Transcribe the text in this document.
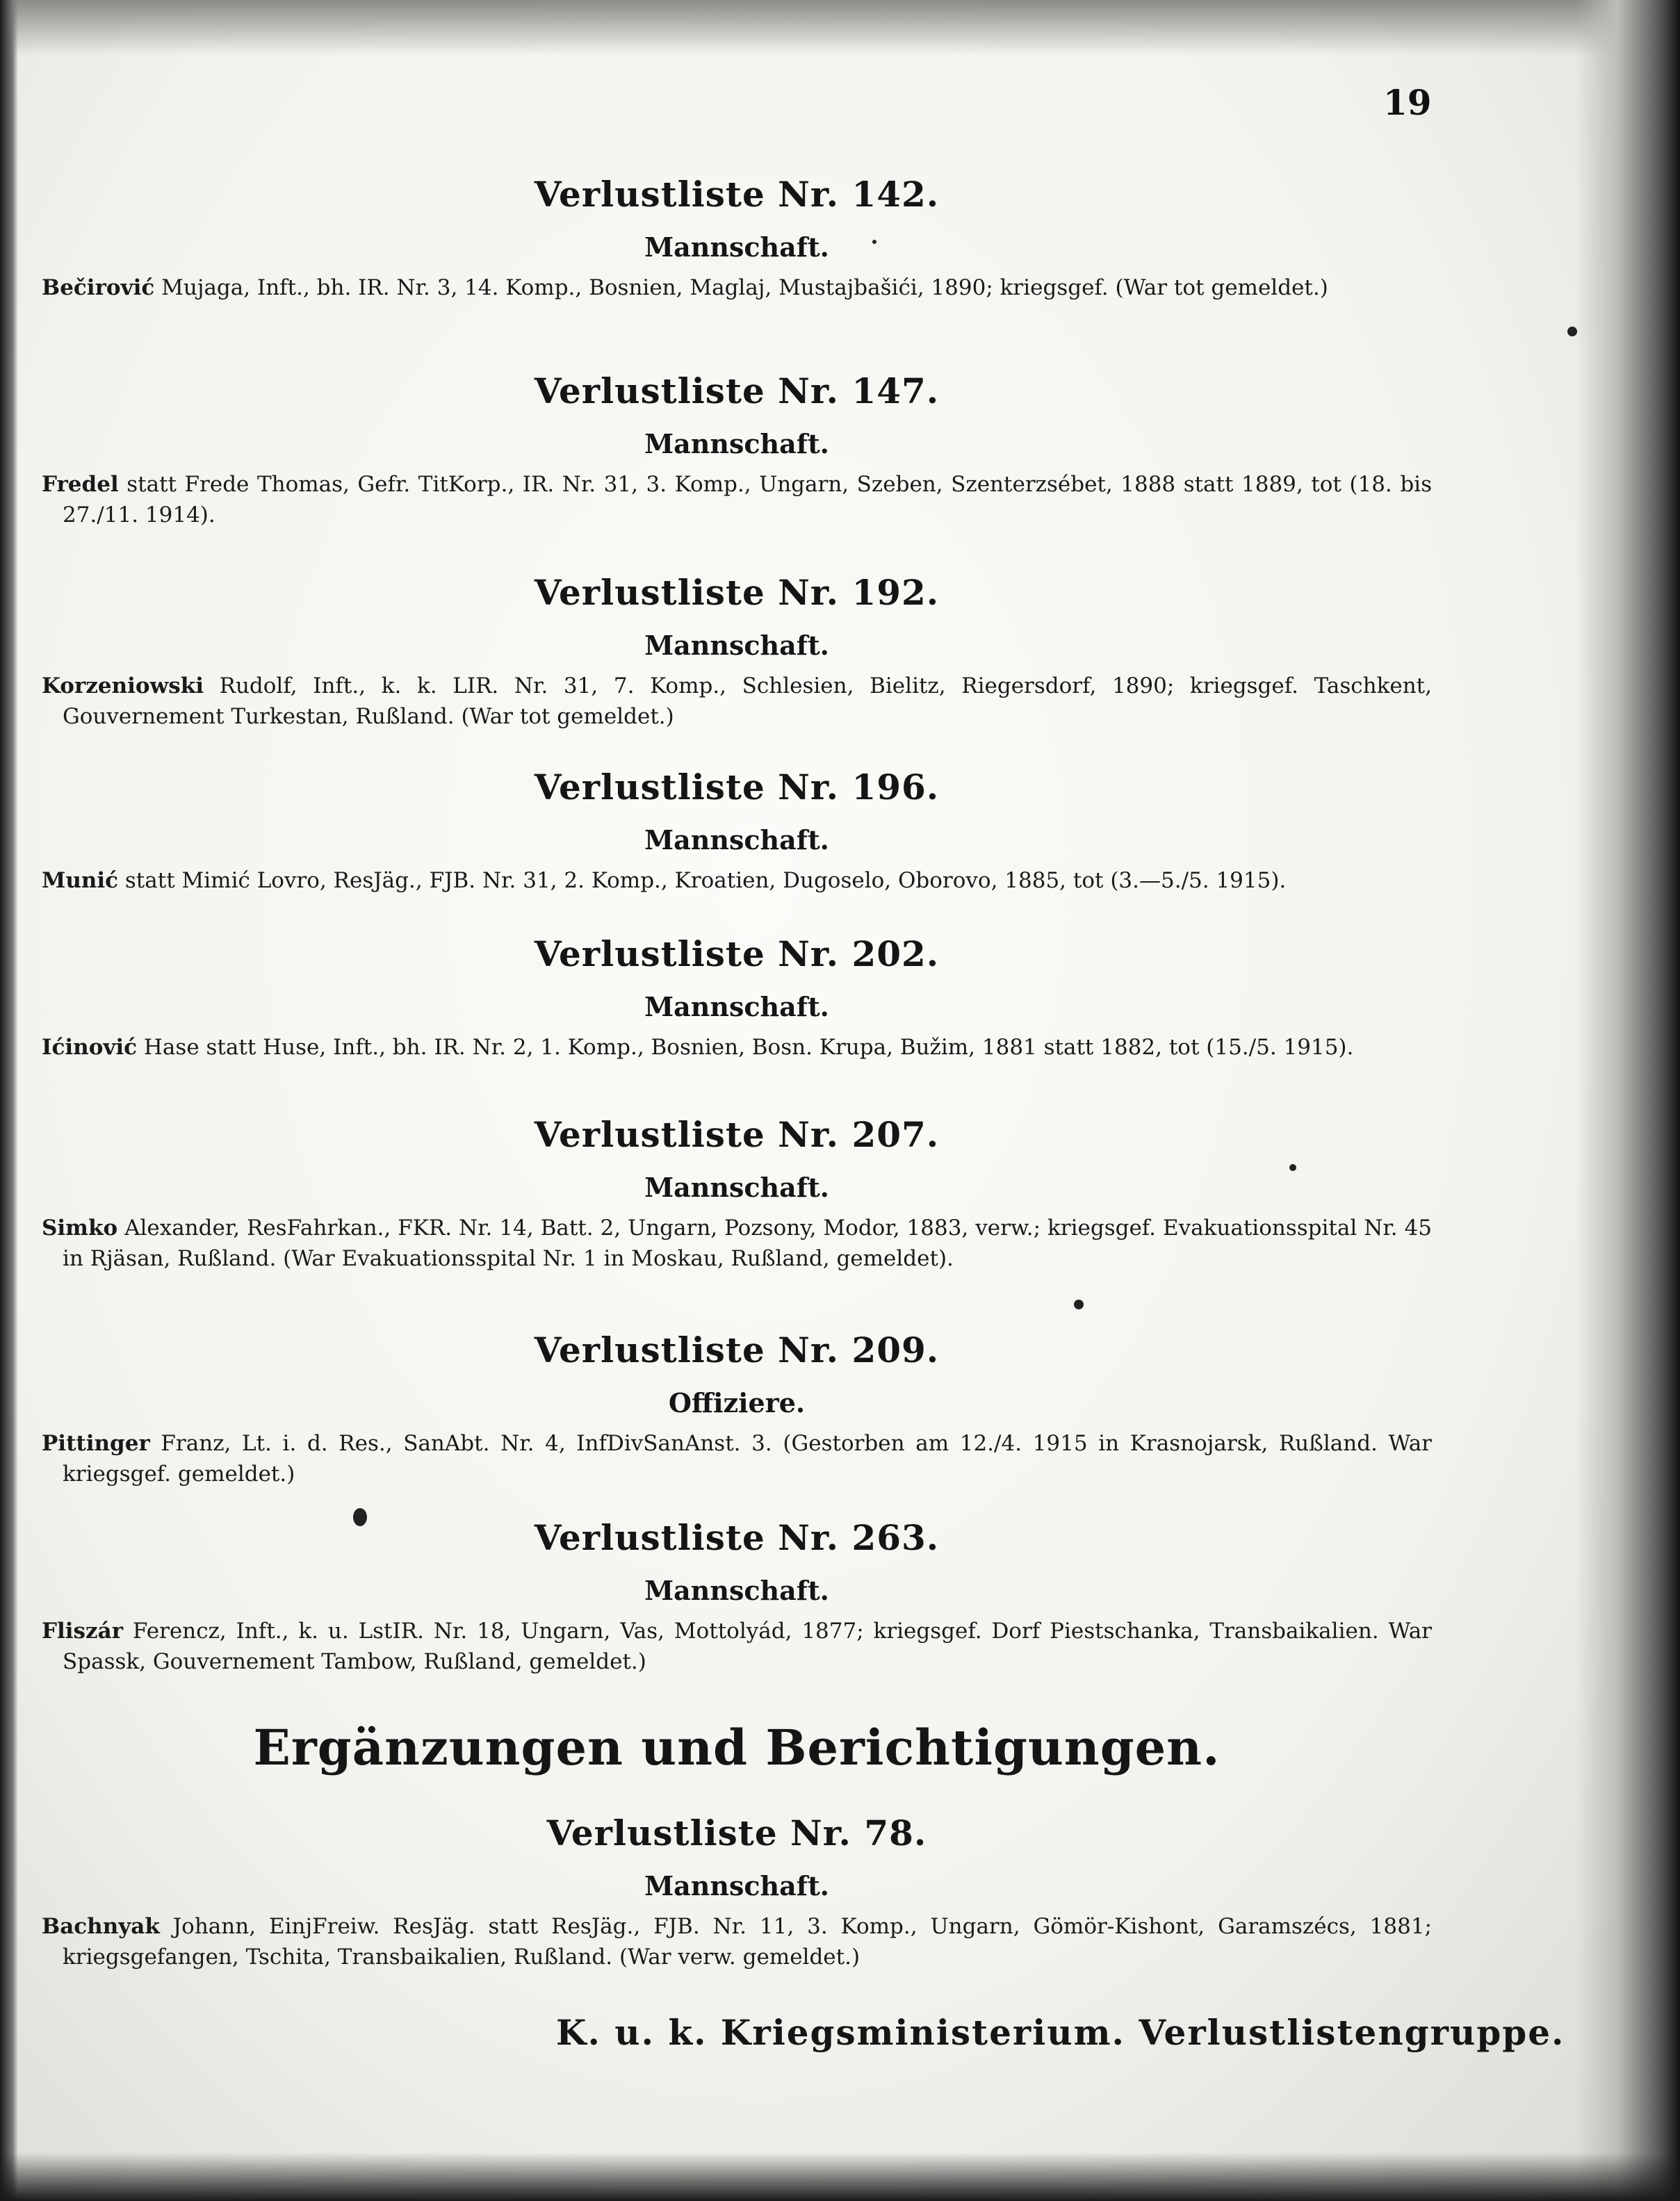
19
Verlustliste Nr. 142.
Mannschaft.

Bečirović Mujaga, Inft., bh. IR. Nr. 3, 14. Komp., Bosnien, Maglaj, Mustajbašići, 1890; kriegsgef. (War tot gemeldet.)

Verlustliste Nr. 147.
Mannschaft.

Fredel statt Frede Thomas, Gefr. TitKorp., IR. Nr. 31, 3. Komp., Ungarn, Szeben, Szenterzsébet, 1888 statt 1889, tot (18. bis 27./11. 1914).

Verlustliste Nr. 192.
Mannschaft.

Korzeniowski Rudolf, Inft., k. k. LIR. Nr. 31, 7. Komp., Schlesien, Bielitz, Riegersdorf, 1890; kriegsgef. Taschkent, Gouvernement Turkestan, Rußland. (War tot gemeldet.)

Verlustliste Nr. 196.
Mannschaft.

Munić statt Mimić Lovro, ResJäg., FJB. Nr. 31, 2. Komp., Kroatien, Dugoselo, Oborovo, 1885, tot (3.—5./5. 1915).

Verlustliste Nr. 202.
Mannschaft.

Ićinović Hase statt Huse, Inft., bh. IR. Nr. 2, 1. Komp., Bosnien, Bosn. Krupa, Bužim, 1881 statt 1882, tot (15./5. 1915).

Verlustliste Nr. 207.
Mannschaft.

Simko Alexander, ResFahrkan., FKR. Nr. 14, Batt. 2, Ungarn, Pozsony, Modor, 1883, verw.; kriegsgef. Evakuationsspital Nr. 45 in Rjäsan, Rußland. (War Evakuationsspital Nr. 1 in Moskau, Rußland, gemeldet).

Verlustliste Nr. 209.
Offiziere.

Pittinger Franz, Lt. i. d. Res., SanAbt. Nr. 4, InfDivSanAnst. 3. (Gestorben am 12./4. 1915 in Krasnojarsk, Rußland. War kriegsgef. gemeldet.)

Verlustliste Nr. 263.
Mannschaft.

Fliszár Ferencz, Inft., k. u. LstIR. Nr. 18, Ungarn, Vas, Mottolyád, 1877; kriegsgef. Dorf Piestschanka, Transbaikalien. War Spassk, Gouvernement Tambow, Rußland, gemeldet.)

Ergänzungen und Berichtigungen.

Verlustliste Nr. 78.
Mannschaft.

Bachnyak Johann, EinjFreiw. ResJäg. statt ResJäg., FJB. Nr. 11, 3. Komp., Ungarn, Gömör-Kishont, Garamszécs, 1881; kriegsgefangen, Tschita, Transbaikalien, Rußland. (War verw. gemeldet.)

K. u. k. Kriegsministerium. Verlustlistengruppe.
